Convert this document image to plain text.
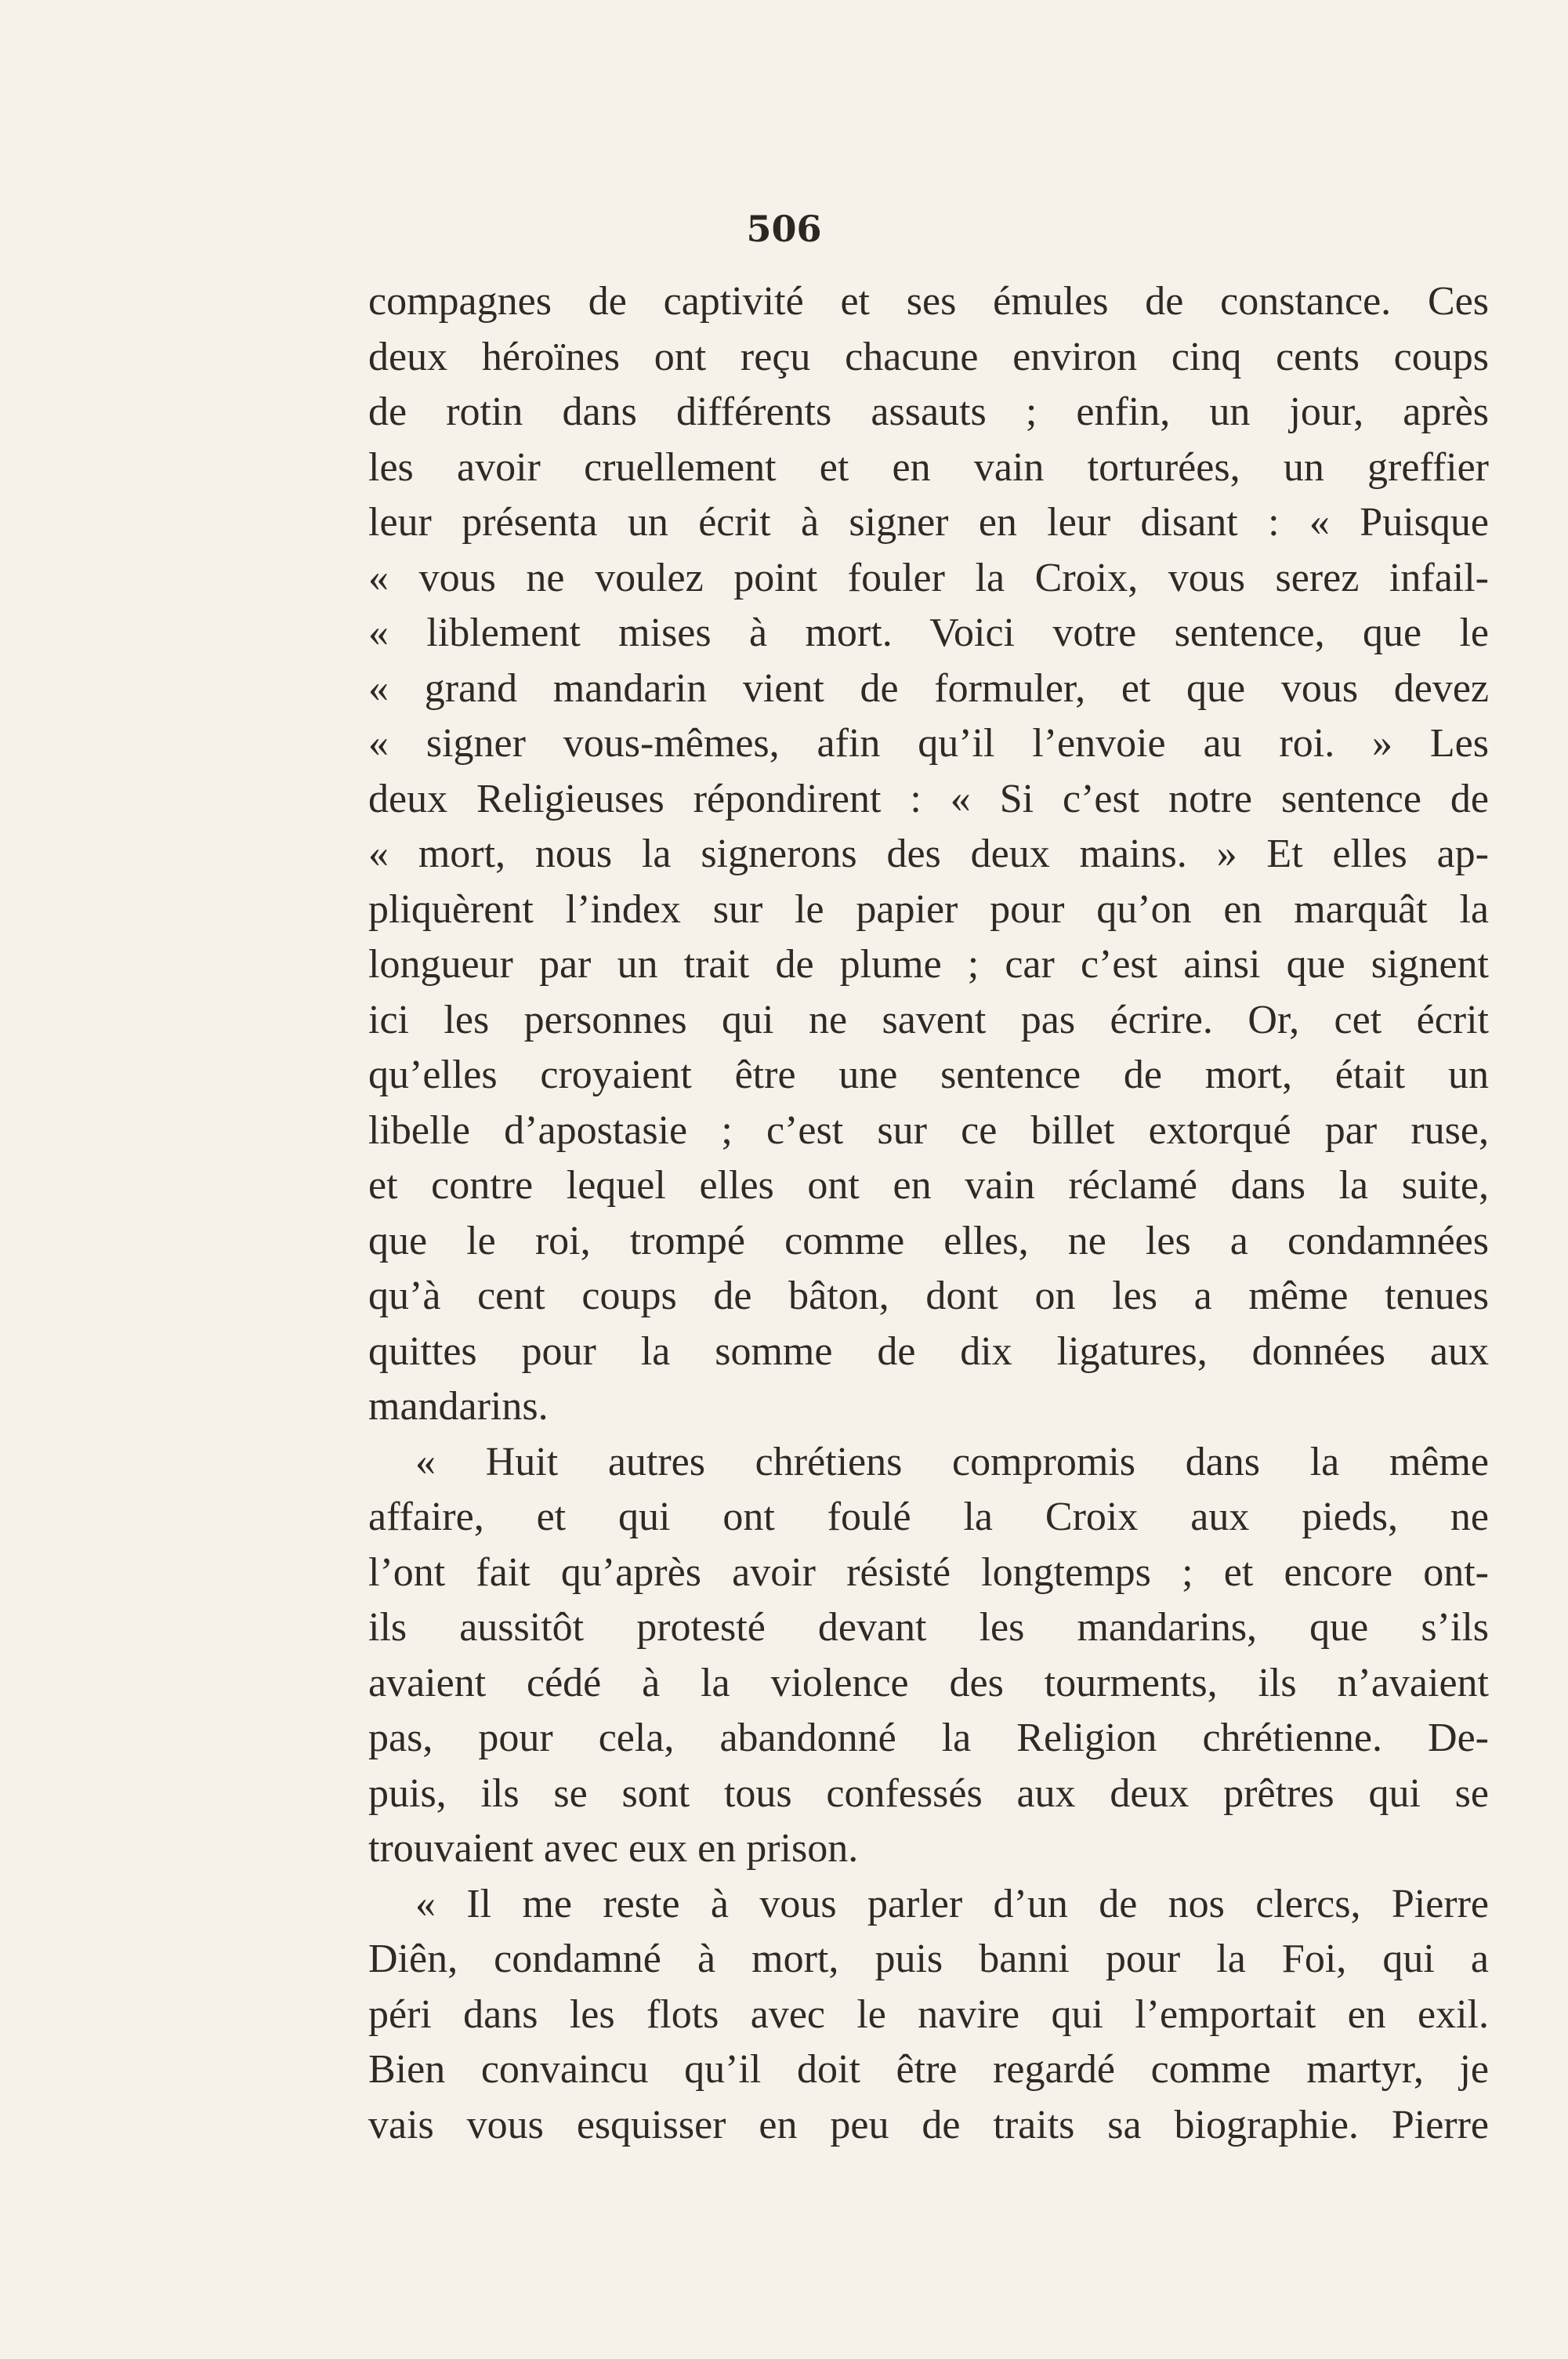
506
compagnes de captivité et ses émules de constance. Ces
deux héroïnes ont reçu chacune environ cinq cents coups
de rotin dans différents assauts ; enfin, un jour, après
les avoir cruellement et en vain torturées, un greffier
leur présenta un écrit à signer en leur disant : « Puisque
« vous ne voulez point fouler la Croix, vous serez infail-
« liblement mises à mort. Voici votre sentence, que le
« grand mandarin vient de formuler, et que vous devez
« signer vous-mêmes, afin qu’il l’envoie au roi. » Les
deux Religieuses répondirent : « Si c’est notre sentence de
« mort, nous la signerons des deux mains. » Et elles ap-
pliquèrent l’index sur le papier pour qu’on en marquât la
longueur par un trait de plume ; car c’est ainsi que signent
ici les personnes qui ne savent pas écrire. Or, cet écrit
qu’elles croyaient être une sentence de mort, était un
libelle d’apostasie ; c’est sur ce billet extorqué par ruse,
et contre lequel elles ont en vain réclamé dans la suite,
que le roi, trompé comme elles, ne les a condamnées
qu’à cent coups de bâton, dont on les a même tenues
quittes pour la somme de dix ligatures, données aux
mandarins.
« Huit autres chrétiens compromis dans la même
affaire, et qui ont foulé la Croix aux pieds, ne
l’ont fait qu’après avoir résisté longtemps ; et encore ont-
ils aussitôt protesté devant les mandarins, que s’ils
avaient cédé à la violence des tourments, ils n’avaient
pas, pour cela, abandonné la Religion chrétienne. De-
puis, ils se sont tous confessés aux deux prêtres qui se
trouvaient avec eux en prison.
« Il me reste à vous parler d’un de nos clercs, Pierre
Diên, condamné à mort, puis banni pour la Foi, qui a
péri dans les flots avec le navire qui l’emportait en exil.
Bien convaincu qu’il doit être regardé comme martyr, je
vais vous esquisser en peu de traits sa biographie. Pierre
